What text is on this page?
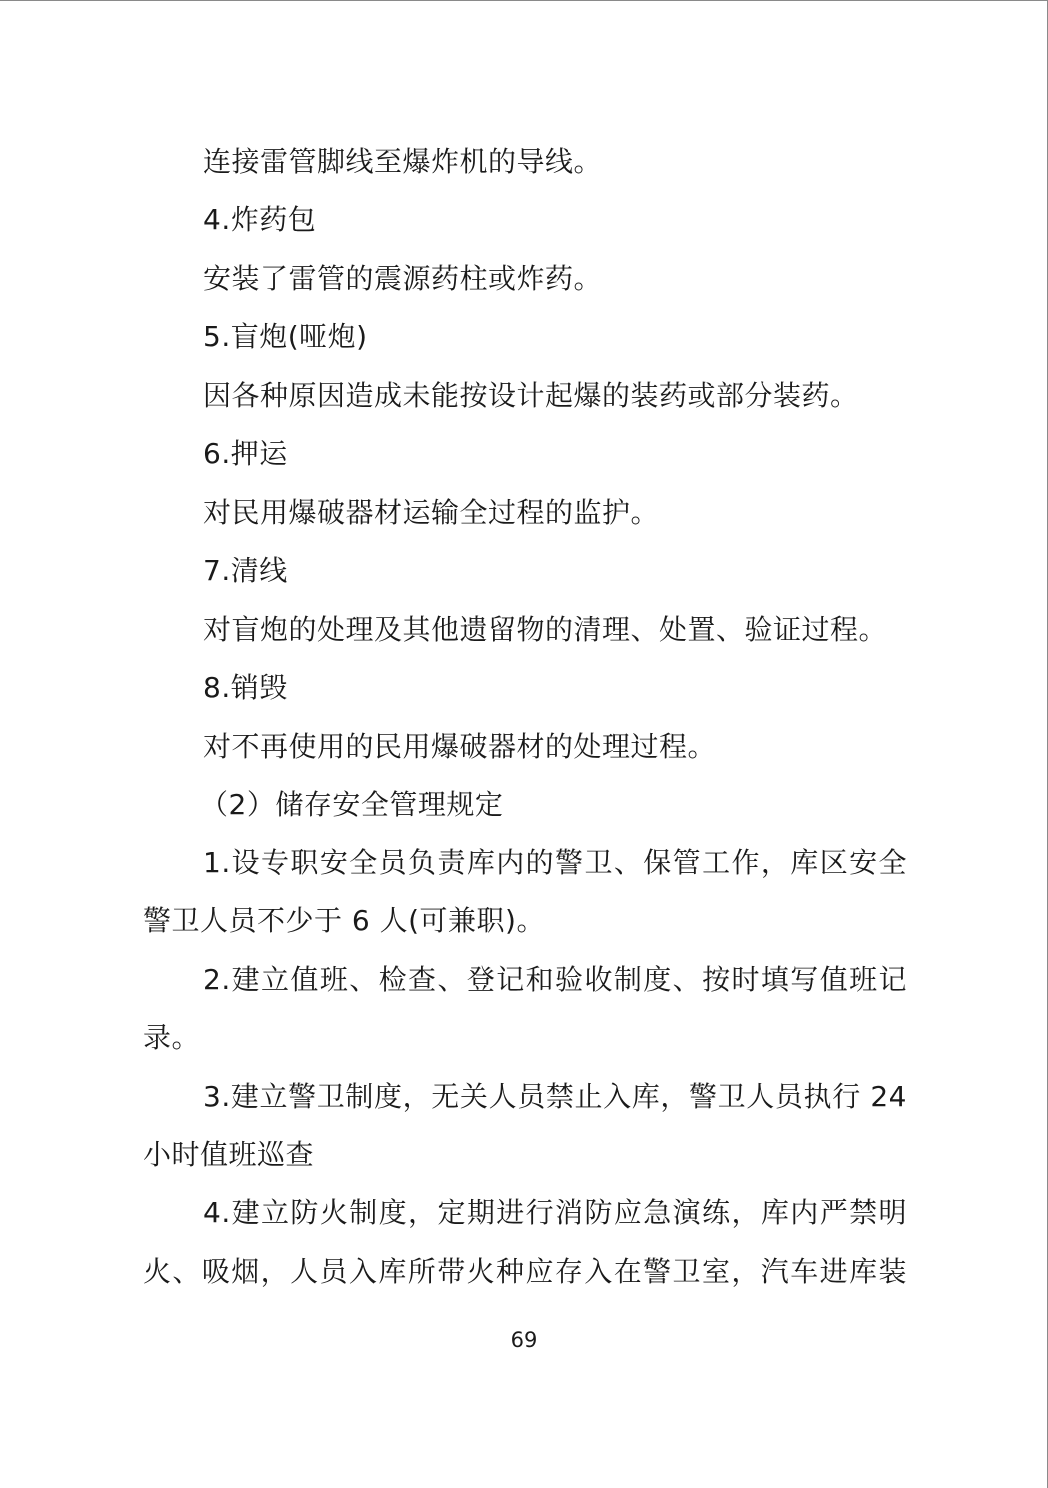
连接雷管脚线至爆炸机的导线。
4.炸药包
安装了雷管的震源药柱或炸药。
5.盲炮(哑炮)
因各种原因造成未能按设计起爆的装药或部分装药。
6.押运
对民用爆破器材运输全过程的监护。
7.清线
对盲炮的处理及其他遗留物的清理、处置、验证过程。
8.销毁
对不再使用的民用爆破器材的处理过程。
（2）储存安全管理规定
1.设专职安全员负责库内的警卫、保管工作，库区安全
警卫人员不少于 6 人(可兼职)。
2.建立值班、检查、登记和验收制度、按时填写值班记
录。
3.建立警卫制度，无关人员禁止入库，警卫人员执行 24
小时值班巡查
4.建立防火制度，定期进行消防应急演练，库内严禁明
火、吸烟，人员入库所带火种应存入在警卫室，汽车进库装
69
